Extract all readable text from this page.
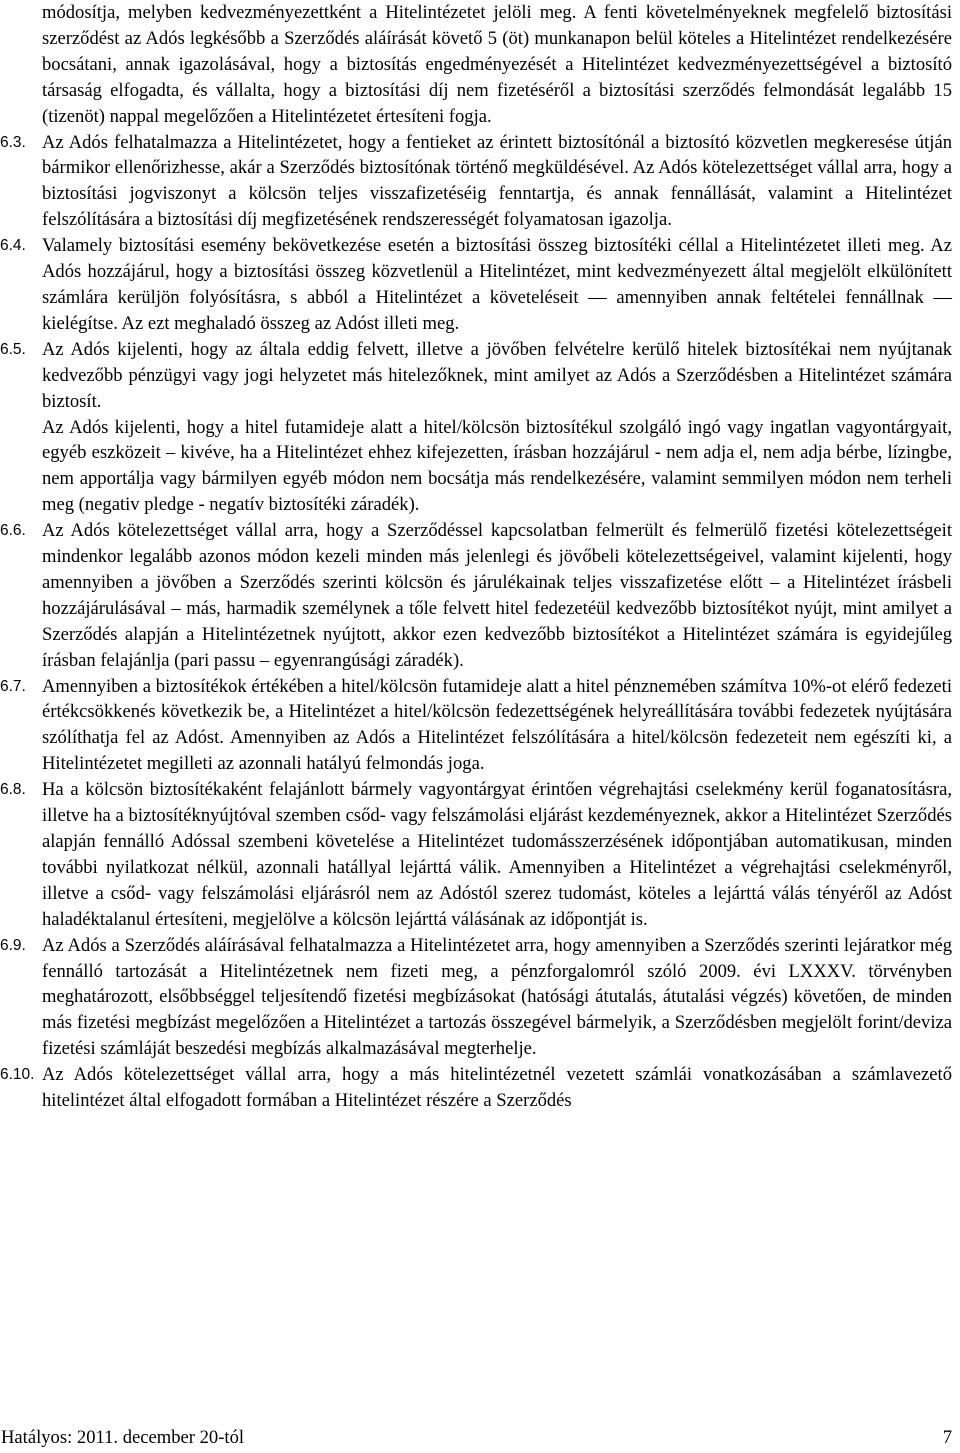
módosítja, melyben kedvezményezettként a Hitelintézetet jelöli meg. A fenti követelményeknek megfelelő biztosítási szerződést az Adós legkésőbb a Szerződés aláírását követő 5 (öt) munkanapon belül köteles a Hitelintézet rendelkezésére bocsátani, annak igazolásával, hogy a biztosítás engedményezését a Hitelintézet kedvezményezettségével a biztosító társaság elfogadta, és vállalta, hogy a biztosítási díj nem fizetéséről a biztosítási szerződés felmondását legalább 15 (tizenöt) nappal megelőzően a Hitelintézetet értesíteni fogja.
6.3. Az Adós felhatalmazza a Hitelintézetet, hogy a fentieket az érintett biztosítónál a biztosító közvetlen megkeresése útján bármikor ellenőrizhesse, akár a Szerződés biztosítónak történő megküldésével. Az Adós kötelezettséget vállal arra, hogy a biztosítási jogviszonyt a kölcsön teljes visszafizetéséig fenntartja, és annak fennállását, valamint a Hitelintézet felszólítására a biztosítási díj megfizetésének rendszerességét folyamatosan igazolja.
6.4. Valamely biztosítási esemény bekövetkezése esetén a biztosítási összeg biztosítéki céllal a Hitelintézetet illeti meg. Az Adós hozzájárul, hogy a biztosítási összeg közvetlenül a Hitelintézet, mint kedvezményezett által megjelölt elkülönített számlára kerüljön folyósításra, s abból a Hitelintézet a követeléseit — amennyiben annak feltételei fennállnak — kielégítse. Az ezt meghaladó összeg az Adóst illeti meg.
6.5. Az Adós kijelenti, hogy az általa eddig felvett, illetve a jövőben felvételre kerülő hitelek biztosítékai nem nyújtanak kedvezőbb pénzügyi vagy jogi helyzetet más hitelezőknek, mint amilyet az Adós a Szerződésben a Hitelintézet számára biztosít.
Az Adós kijelenti, hogy a hitel futamideje alatt a hitel/kölcsön biztosítékul szolgáló ingó vagy ingatlan vagyontárgyait, egyéb eszközeit – kivéve, ha a Hitelintézet ehhez kifejezetten, írásban hozzájárul - nem adja el, nem adja bérbe, lízingbe, nem apportálja vagy bármilyen egyéb módon nem bocsátja más rendelkezésére, valamint semmilyen módon nem terheli meg (negativ pledge - negatív biztosítéki záradék).
6.6. Az Adós kötelezettséget vállal arra, hogy a Szerződéssel kapcsolatban felmerült és felmerülő fizetési kötelezettségeit mindenkor legalább azonos módon kezeli minden más jelenlegi és jövőbeli kötelezettségeivel, valamint kijelenti, hogy amennyiben a jövőben a Szerződés szerinti kölcsön és járulékainak teljes visszafizetése előtt – a Hitelintézet írásbeli hozzájárulásával – más, harmadik személynek a tőle felvett hitel fedezetéül kedvezőbb biztosítékot nyújt, mint amilyet a Szerződés alapján a Hitelintézetnek nyújtott, akkor ezen kedvezőbb biztosítékot a Hitelintézet számára is egyidejűleg írásban felajánlja (pari passu – egyenrangúsági záradék).
6.7. Amennyiben a biztosítékok értékében a hitel/kölcsön futamideje alatt a hitel pénznemében számítva 10%-ot elérő fedezeti értékcsökkenés következik be, a Hitelintézet a hitel/kölcsön fedezettségének helyreállítására további fedezetek nyújtására szólíthatja fel az Adóst. Amennyiben az Adós a Hitelintézet felszólítására a hitel/kölcsön fedezeteit nem egészíti ki, a Hitelintézetet megilleti az azonnali hatályú felmondás joga.
6.8. Ha a kölcsön biztosítékaként felajánlott bármely vagyontárgyat érintően végrehajtási cselekmény kerül foganatosításra, illetve ha a biztosítéknyújtóval szemben csőd- vagy felszámolási eljárást kezdeményeznek, akkor a Hitelintézet Szerződés alapján fennálló Adóssal szembeni követelése a Hitelintézet tudomásszerzésének időpontjában automatikusan, minden további nyilatkozat nélkül, azonnali hatállyal lejárttá válik. Amennyiben a Hitelintézet a végrehajtási cselekményről, illetve a csőd- vagy felszámolási eljárásról nem az Adóstól szerez tudomást, köteles a lejárttá válás tényéről az Adóst haladéktalanul értesíteni, megjelölve a kölcsön lejárttá válásának az időpontját is.
6.9. Az Adós a Szerződés aláírásával felhatalmazza a Hitelintézetet arra, hogy amennyiben a Szerződés szerinti lejáratkor még fennálló tartozását a Hitelintézetnek nem fizeti meg, a pénzforgalomról szóló 2009. évi LXXXV. törvényben meghatározott, elsőbbséggel teljesítendő fizetési megbízásokat (hatósági átutalás, átutalási végzés) követően, de minden más fizetési megbízást megelőzően a Hitelintézet a tartozás összegével bármelyik, a Szerződésben megjelölt forint/deviza fizetési számláját beszedési megbízás alkalmazásával megterhelje.
6.10. Az Adós kötelezettséget vállal arra, hogy a más hitelintézetnél vezetett számlái vonatkozásában a számlavezető hitelintézet által elfogadott formában a Hitelintézet részére a Szerződés
Hatályos: 2011. december 20-tól	7
